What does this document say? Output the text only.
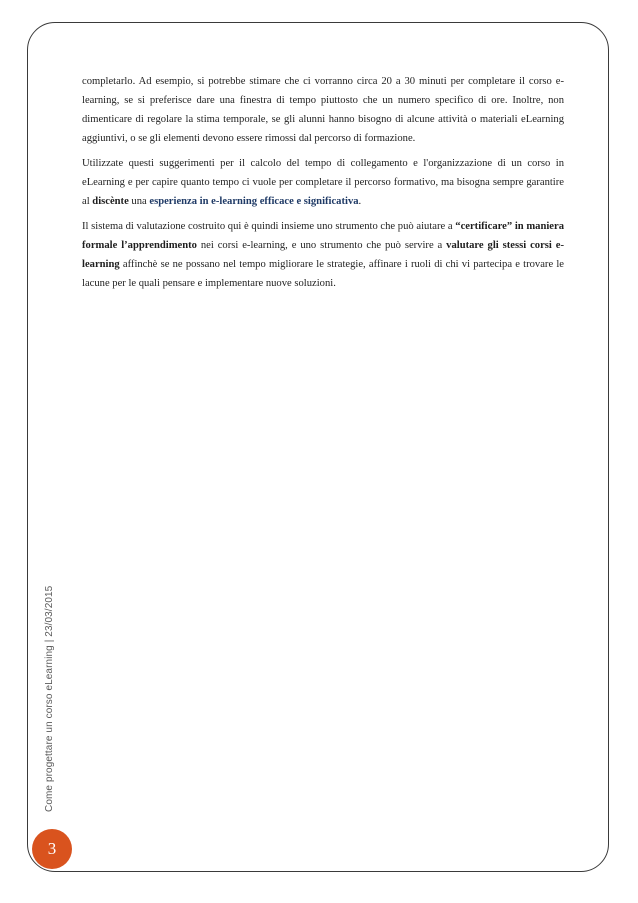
completarlo. Ad esempio, si potrebbe stimare che ci vorranno circa 20 a 30 minuti per completare il corso e-learning, se si preferisce dare una finestra di tempo piuttosto che un numero specifico di ore. Inoltre, non dimenticare di regolare la stima temporale, se gli alunni hanno bisogno di alcune attività o materiali eLearning aggiuntivi, o se gli elementi devono essere rimossi dal percorso di formazione.

Utilizzate questi suggerimenti per il calcolo del tempo di collegamento e l'organizzazione di un corso in eLearning e per capire quanto tempo ci vuole per completare il percorso formativo, ma bisogna sempre garantire al discènte una esperienza in e-learning efficace e significativa.

Il sistema di valutazione costruito qui è quindi insieme uno strumento che può aiutare a “certificare” in maniera formale l’apprendimento nei corsi e-learning, e uno strumento che può servire a valutare gli stessi corsi e-learning affinchè se ne possano nel tempo migliorare le strategie, affinare i ruoli di chi vi partecipa e trovare le lacune per le quali pensare e implementare nuove soluzioni.

Come progettare un corso eLearning | 23/03/2015
3
